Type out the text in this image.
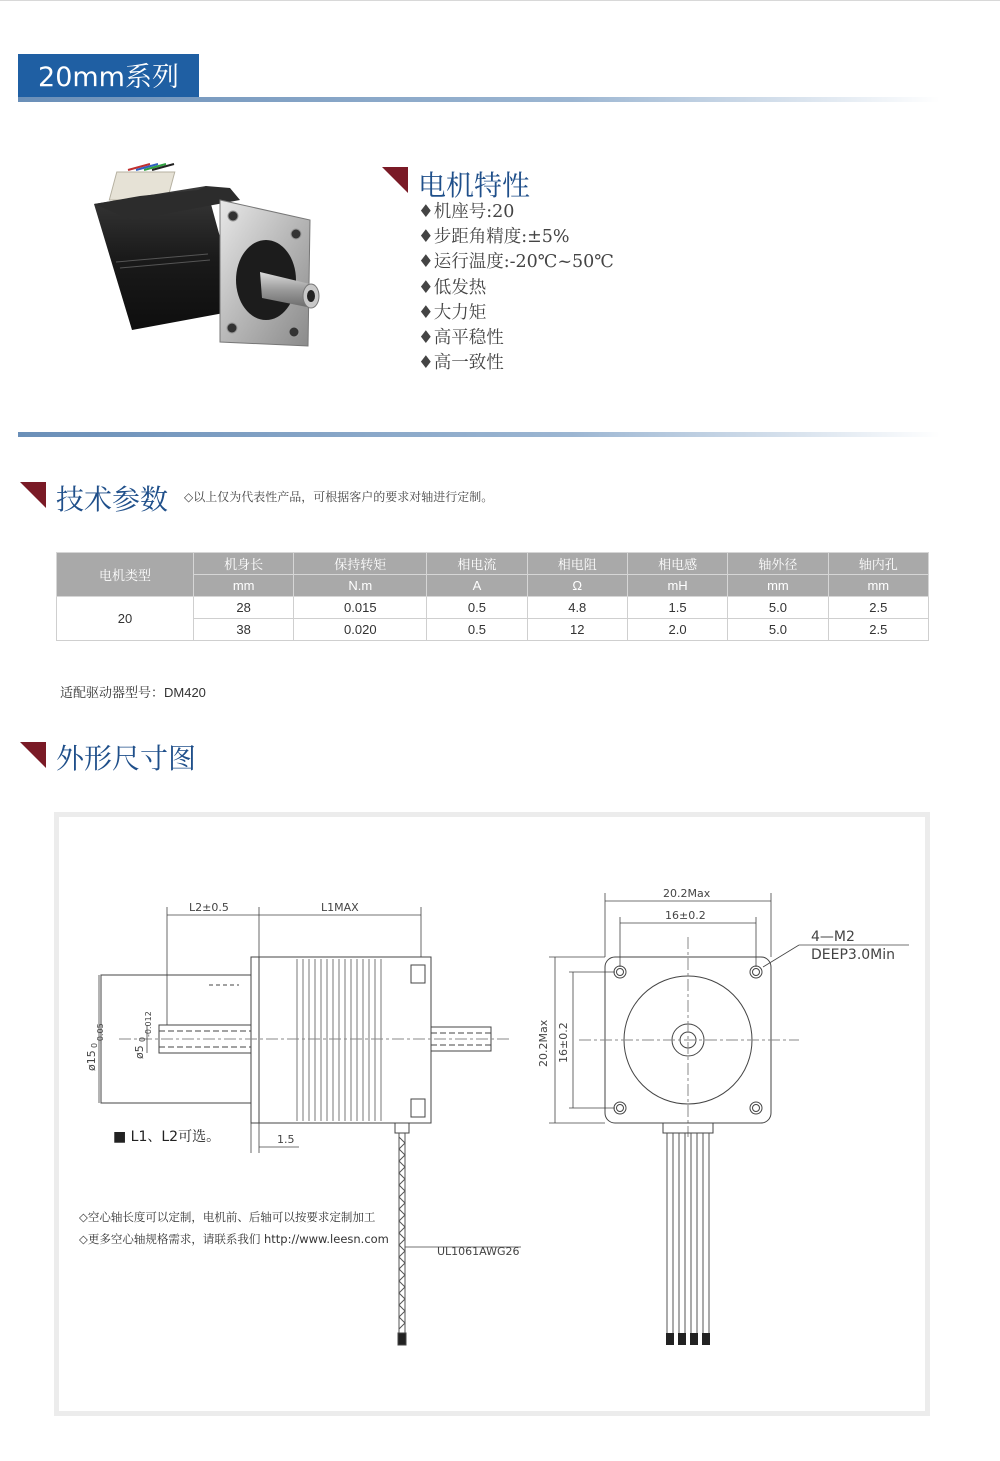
20mm系列
电机特性
♦机座号:20
♦步距角精度:±5%
♦运行温度:-20℃~50℃
♦低发热
♦大力矩
♦高平稳性
♦高一致性
技术参数 ◇以上仅为代表性产品，可根据客户的要求对轴进行定制。
电机类型	机身长	保持转矩	相电流	相电阻	相电感	轴外径	轴内孔
	mm	N.m	A	Ω	mH	mm	mm
20	28	0.015	0.5	4.8	1.5	5.0	2.5
	38	0.020	0.5	12	2.0	5.0	2.5
适配驱动器型号：DM420
外形尺寸图
L2±0.5	L1MAX
ø15
0
-0.05
ø5
0
-0.012
1.5
20.2Max
16±0.2
20.2Max 16±0.2
4—M2
DEEP3.0Min
UL1061AWG26
■ L1、L2可选。
◇空心轴长度可以定制，电机前、后轴可以按要求定制加工
◇更多空心轴规格需求，请联系我们 http://www.leesn.com
